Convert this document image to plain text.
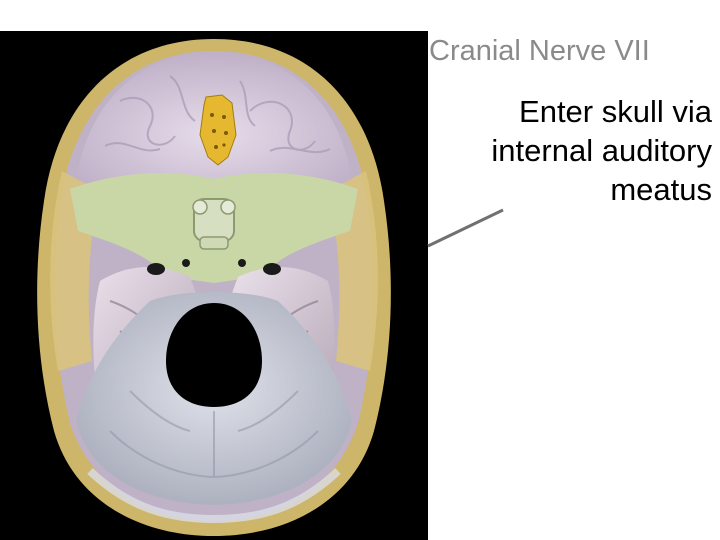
Cranial Nerve VII
Enter skull via
internal auditory
meatus
